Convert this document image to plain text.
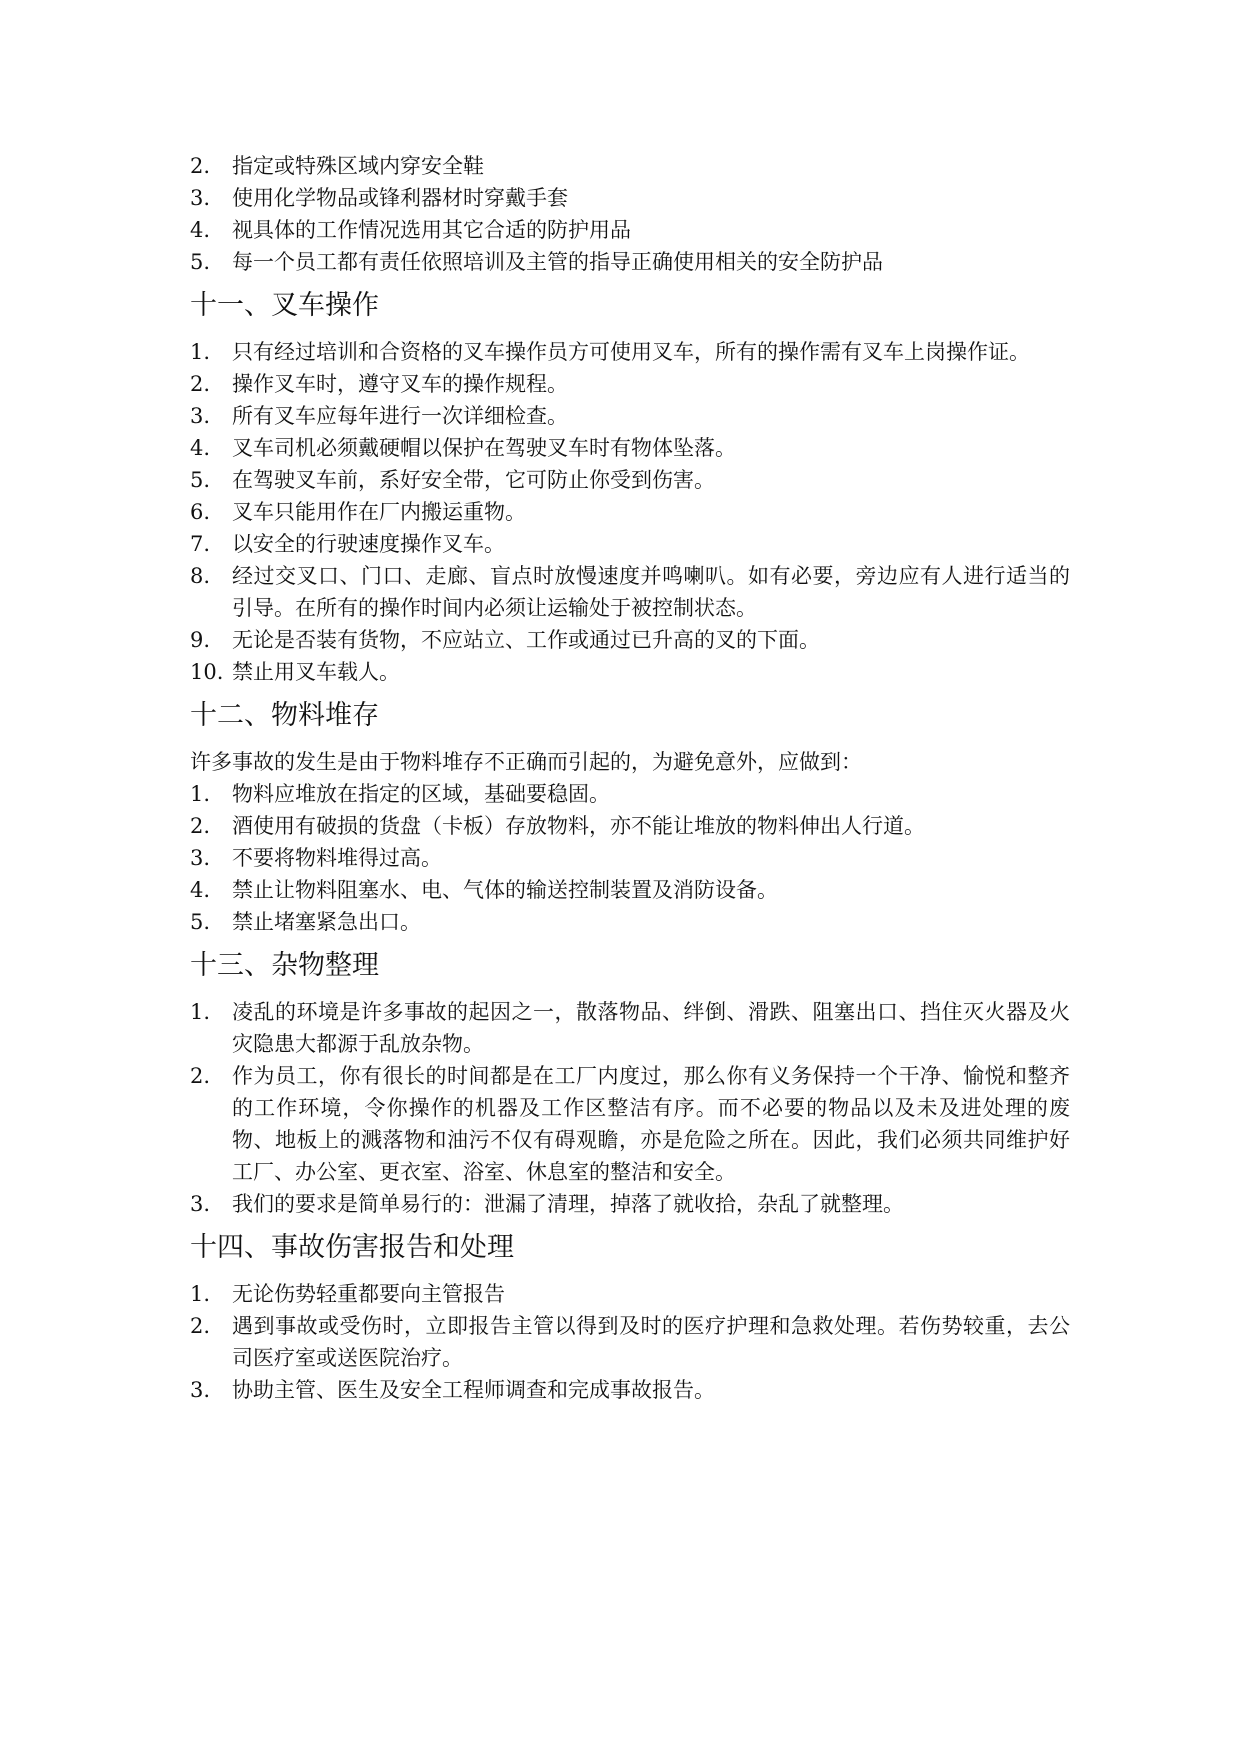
2. 指定或特殊区域内穿安全鞋
3. 使用化学物品或锋利器材时穿戴手套
4. 视具体的工作情况选用其它合适的防护用品
5. 每一个员工都有责任依照培训及主管的指导正确使用相关的安全防护品
十一、叉车操作
1. 只有经过培训和合资格的叉车操作员方可使用叉车，所有的操作需有叉车上岗操作证。
2. 操作叉车时，遵守叉车的操作规程。
3. 所有叉车应每年进行一次详细检查。
4. 叉车司机必须戴硬帽以保护在驾驶叉车时有物体坠落。
5. 在驾驶叉车前，系好安全带，它可防止你受到伤害。
6. 叉车只能用作在厂内搬运重物。
7. 以安全的行驶速度操作叉车。
8. 经过交叉口、门口、走廊、盲点时放慢速度并鸣喇叭。如有必要，旁边应有人进行适当的引导。在所有的操作时间内必须让运输处于被控制状态。
9. 无论是否装有货物，不应站立、工作或通过已升高的叉的下面。
10. 禁止用叉车载人。
十二、物料堆存

许多事故的发生是由于物料堆存不正确而引起的，为避免意外，应做到：

1. 物料应堆放在指定的区域，基础要稳固。
2. 酒使用有破损的货盘（卡板）存放物料，亦不能让堆放的物料伸出人行道。
3. 不要将物料堆得过高。
4. 禁止让物料阻塞水、电、气体的输送控制装置及消防设备。
5. 禁止堵塞紧急出口。
十三、杂物整理
1. 凌乱的环境是许多事故的起因之一，散落物品、绊倒、滑跌、阻塞出口、挡住灭火器及火灾隐患大都源于乱放杂物。
2. 作为员工，你有很长的时间都是在工厂内度过，那么你有义务保持一个干净、愉悦和整齐的工作环境，令你操作的机器及工作区整洁有序。而不必要的物品以及未及进处理的废物、地板上的溅落物和油污不仅有碍观瞻，亦是危险之所在。因此，我们必须共同维护好工厂、办公室、更衣室、浴室、休息室的整洁和安全。
3. 我们的要求是简单易行的：泄漏了清理，掉落了就收拾，杂乱了就整理。
十四、事故伤害报告和处理
1. 无论伤势轻重都要向主管报告
2. 遇到事故或受伤时，立即报告主管以得到及时的医疗护理和急救处理。若伤势较重，去公司医疗室或送医院治疗。
3. 协助主管、医生及安全工程师调查和完成事故报告。
